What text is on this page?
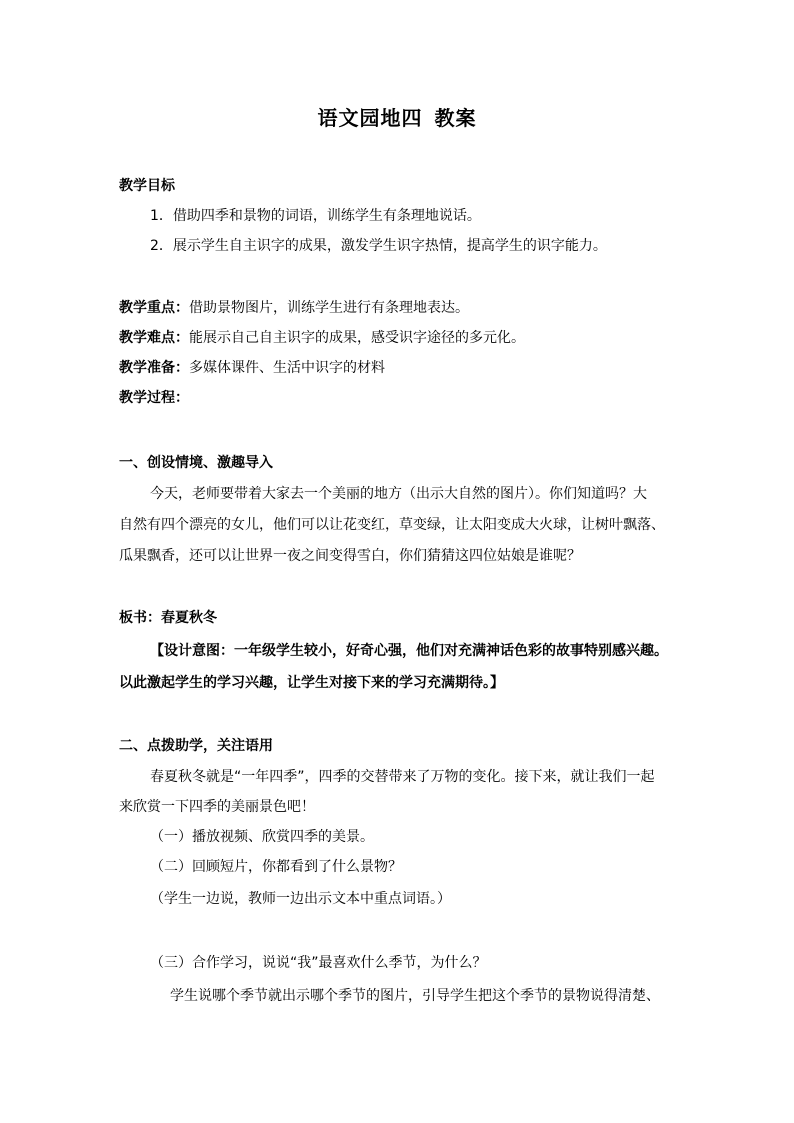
语文园地四 教案
教学目标
1．借助四季和景物的词语，训练学生有条理地说话。
2．展示学生自主识字的成果，激发学生识字热情，提高学生的识字能力。
教学重点：借助景物图片，训练学生进行有条理地表达。
教学难点：能展示自己自主识字的成果，感受识字途径的多元化。
教学准备：多媒体课件、生活中识字的材料
教学过程：
一、创设情境、激趣导入
今天，老师要带着大家去一个美丽的地方（出示大自然的图片）。你们知道吗？大
自然有四个漂亮的女儿，他们可以让花变红，草变绿，让太阳变成大火球，让树叶飘落、
瓜果飘香，还可以让世界一夜之间变得雪白，你们猜猜这四位姑娘是谁呢？
板书：春夏秋冬
【设计意图：一年级学生较小，好奇心强，他们对充满神话色彩的故事特别感兴趣。
以此激起学生的学习兴趣，让学生对接下来的学习充满期待。】
二、点拨助学，关注语用
春夏秋冬就是“一年四季”，四季的交替带来了万物的变化。接下来，就让我们一起
来欣赏一下四季的美丽景色吧！
（一）播放视频、欣赏四季的美景。
（二）回顾短片，你都看到了什么景物？
（学生一边说，教师一边出示文本中重点词语。）
（三）合作学习，说说“我”最喜欢什么季节，为什么？
学生说哪个季节就出示哪个季节的图片，引导学生把这个季节的景物说得清楚、
